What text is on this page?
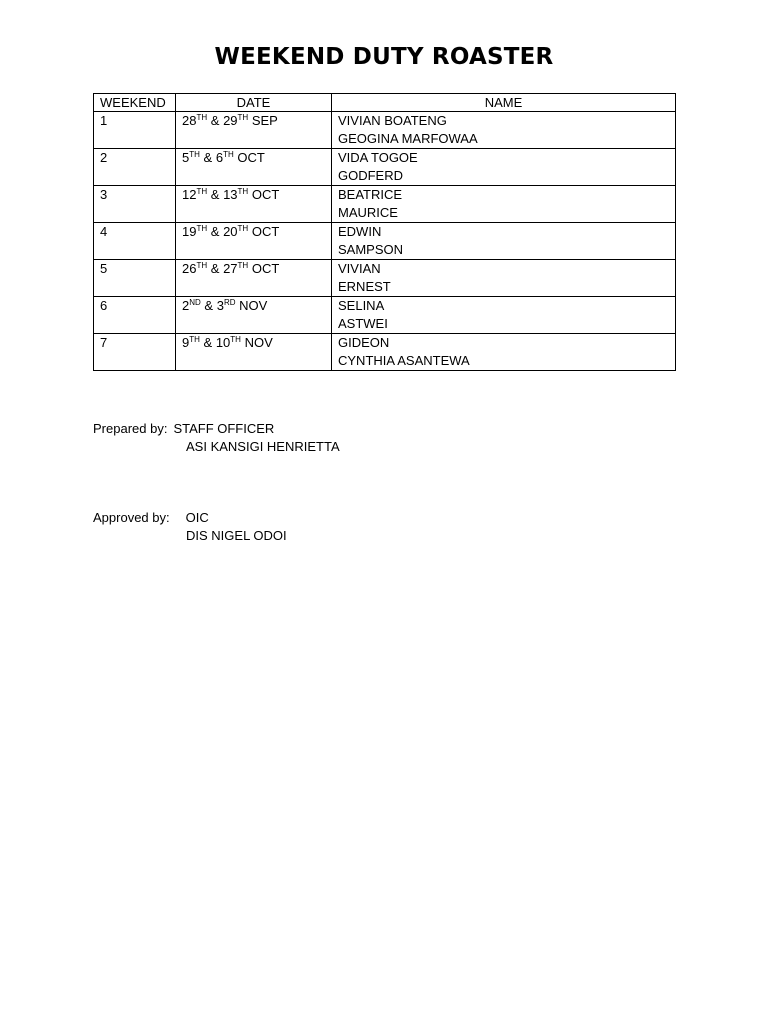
WEEKEND DUTY ROASTER
WEEKEND	DATE	NAME
1	28TH & 29TH SEP	VIVIAN BOATENG
GEOGINA MARFOWAA

2	5TH & 6TH OCT	VIDA TOGOE
GODFERD

3	12TH & 13TH OCT	BEATRICE
MAURICE

4	19TH & 20TH OCT	EDWIN
SAMPSON

5	26TH & 27TH OCT	VIVIAN
ERNEST

6	2ND & 3RD NOV	SELINA
ASTWEI

7	9TH & 10TH NOV	GIDEON
CYNTHIA ASANTEWA
Prepared by: STAFF OFFICER
ASI KANSIGI HENRIETTA
Approved by: OIC
DIS NIGEL ODOI
